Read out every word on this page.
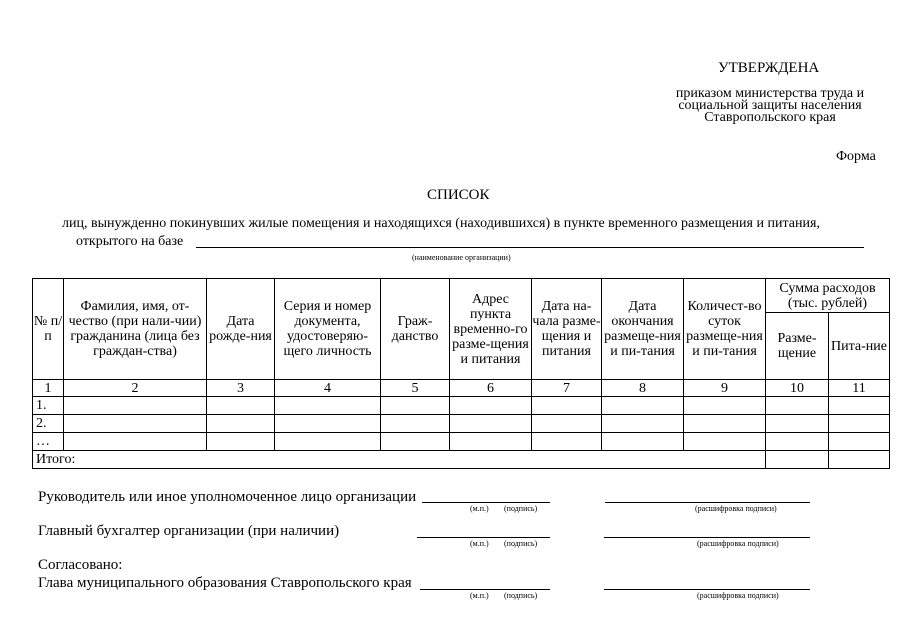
УТВЕРЖДЕНА
приказом министерства труда и
социальной защиты населения
Ставропольского края
Форма
СПИСОК
лиц, вынужденно покинувших жилые помещения и находящихся (находившихся) в пункте временного размещения и питания,
открытого на базе
(наименование организации)
№ п/п	Фамилия, имя, от-чество (при нали-чии) гражданина (лица без граждан-ства)	Дата рожде-ния	Серия и номер документа, удостоверяю-щего личность	Граж-данство	Адрес пункта временно-го разме-щения и питания	Дата на-чала разме-щения и питания	Дата окончания размеще-ния и пи-тания	Количест-во суток размеще-ния и пи-тания	Сумма расходов (тыс. рублей)	
									Разме-щение	Пита-ние
1	2	3	4	5	6	7	8	9	10	11
1.										
2.										
…										
Итого:										
Руководитель или иное уполномоченное лицо организации
(м.п.) (подпись)	(расшифровка подписи)
Главный бухгалтер организации (при наличии)
(м.п.) (подпись)	(расшифровка подписи)
Согласовано:
Глава муниципального образования Ставропольского края
(м.п.) (подпись)	(расшифровка подписи)
